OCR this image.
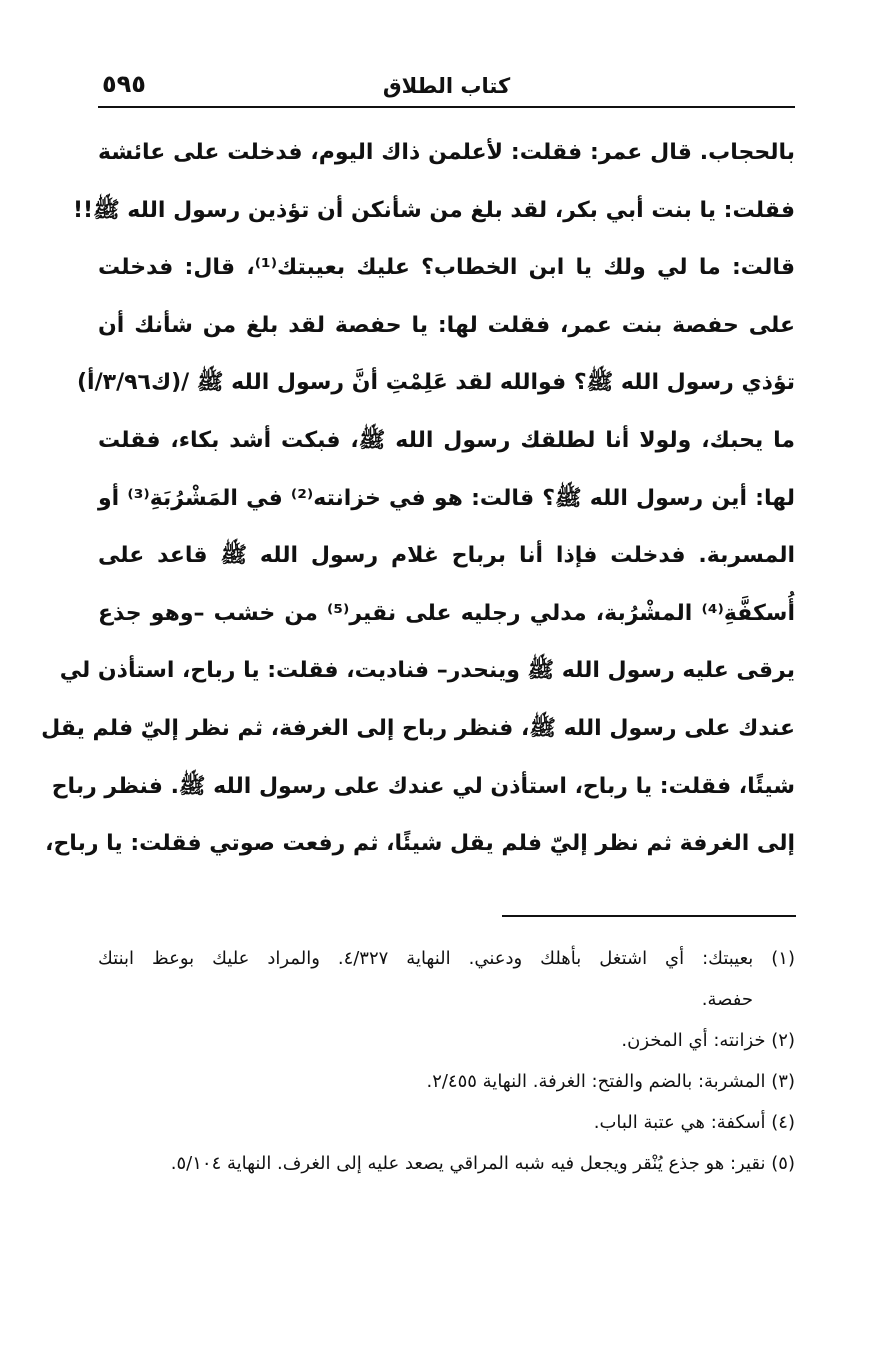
كتاب الطلاق
٥٩٥
بالحجاب. قال عمر: فقلت: لأعلمن ذاك اليوم، فدخلت على عائشة
فقلت: يا بنت أبي بكر، لقد بلغ من شأنكن أن تؤذين رسول الله ﷺ!!
قالت: ما لي ولك يا ابن الخطاب؟ عليك بعيبتك⁽¹⁾، قال: فدخلت
على حفصة بنت عمر، فقلت لها: يا حفصة لقد بلغ من شأنك أن
تؤذي رسول الله ﷺ؟ فوالله لقد عَلِمْتِ أنَّ رسول الله ﷺ /(ك٣/٩٦/أ)
ما يحبك، ولولا أنا لطلقك رسول الله ﷺ، فبكت أشد بكاء، فقلت
لها: أين رسول الله ﷺ؟ قالت: هو في خزانته⁽²⁾ في المَشْرُبَةِ⁽³⁾ أو
المسربة. فدخلت فإذا أنا برباح غلام رسول الله ﷺ قاعد على
أُسكفَّةِ⁽⁴⁾ المشْرُبة، مدلي رجليه على نقير⁽⁵⁾ من خشب –وهو جذع
يرقى عليه رسول الله ﷺ وينحدر– فناديت، فقلت: يا رباح، استأذن لي
عندك على رسول الله ﷺ، فنظر رباح إلى الغرفة، ثم نظر إليّ فلم يقل
شيئًا، فقلت: يا رباح، استأذن لي عندك على رسول الله ﷺ. فنظر رباح
إلى الغرفة ثم نظر إليّ فلم يقل شيئًا، ثم رفعت صوتي فقلت: يا رباح،
(١) بعيبتك: أي اشتغل بأهلك ودعني. النهاية ٤/٣٢٧. والمراد عليك بوعظ ابنتك
حفصة.
(٢) خزانته: أي المخزن.
(٣) المشربة: بالضم والفتح: الغرفة. النهاية ٢/٤٥٥.
(٤) أسكفة: هي عتبة الباب.
(٥) نقير: هو جذع يُنْقر ويجعل فيه شبه المراقي يصعد عليه إلى الغرف. النهاية ٥/١٠٤.
